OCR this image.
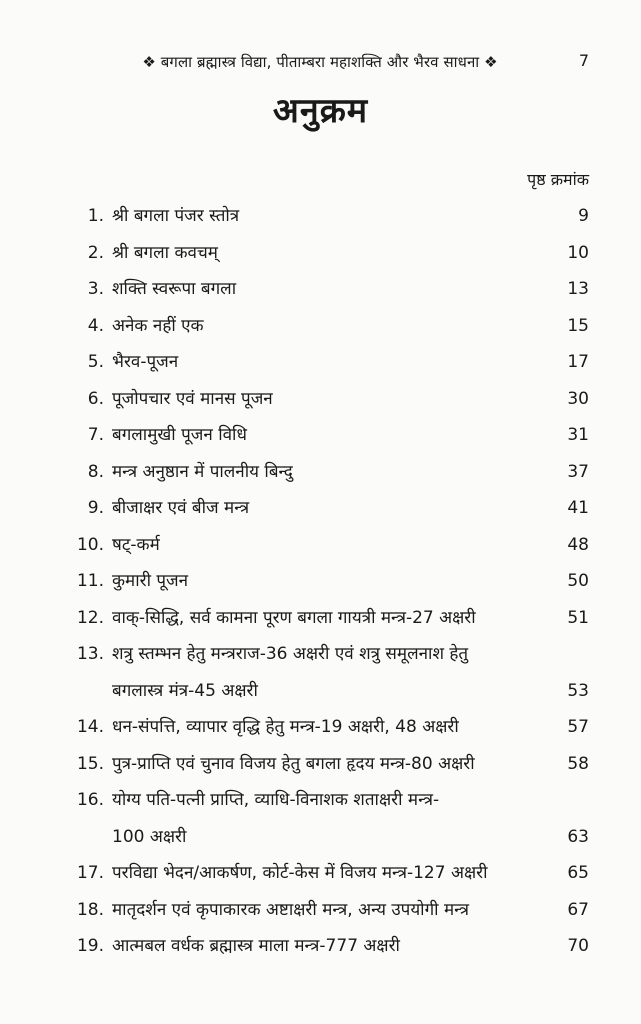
❖ बगला ब्रह्मास्त्र विद्या, पीताम्बरा महाशक्ति और भैरव साधना ❖	7
अनुक्रम
पृष्ठ क्रमांक
1. श्री बगला पंजर स्तोत्र	9
2. श्री बगला कवचम्	10
3. शक्ति स्वरूपा बगला	13
4. अनेक नहीं एक	15
5. भैरव-पूजन	17
6. पूजोपचार एवं मानस पूजन	30
7. बगलामुखी पूजन विधि	31
8. मन्त्र अनुष्ठान में पालनीय बिन्दु	37
9. बीजाक्षर एवं बीज मन्त्र	41
10. षट्-कर्म	48
11. कुमारी पूजन	50
12. वाक्-सिद्धि, सर्व कामना पूरण बगला गायत्री मन्त्र-27 अक्षरी	51
13. शत्रु स्तम्भन हेतु मन्त्रराज-36 अक्षरी एवं शत्रु समूलनाश हेतु
बगलास्त्र मंत्र-45 अक्षरी	53
14. धन-संपत्ति, व्यापार वृद्धि हेतु मन्त्र-19 अक्षरी, 48 अक्षरी	57
15. पुत्र-प्राप्ति एवं चुनाव विजय हेतु बगला हृदय मन्त्र-80 अक्षरी	58
16. योग्य पति-पत्नी प्राप्ति, व्याधि-विनाशक शताक्षरी मन्त्र-
100 अक्षरी	63
17. परविद्या भेदन/आकर्षण, कोर्ट-केस में विजय मन्त्र-127 अक्षरी	65
18. मातृदर्शन एवं कृपाकारक अष्टाक्षरी मन्त्र, अन्य उपयोगी मन्त्र	67
19. आत्मबल वर्धक ब्रह्मास्त्र माला मन्त्र-777 अक्षरी	70
